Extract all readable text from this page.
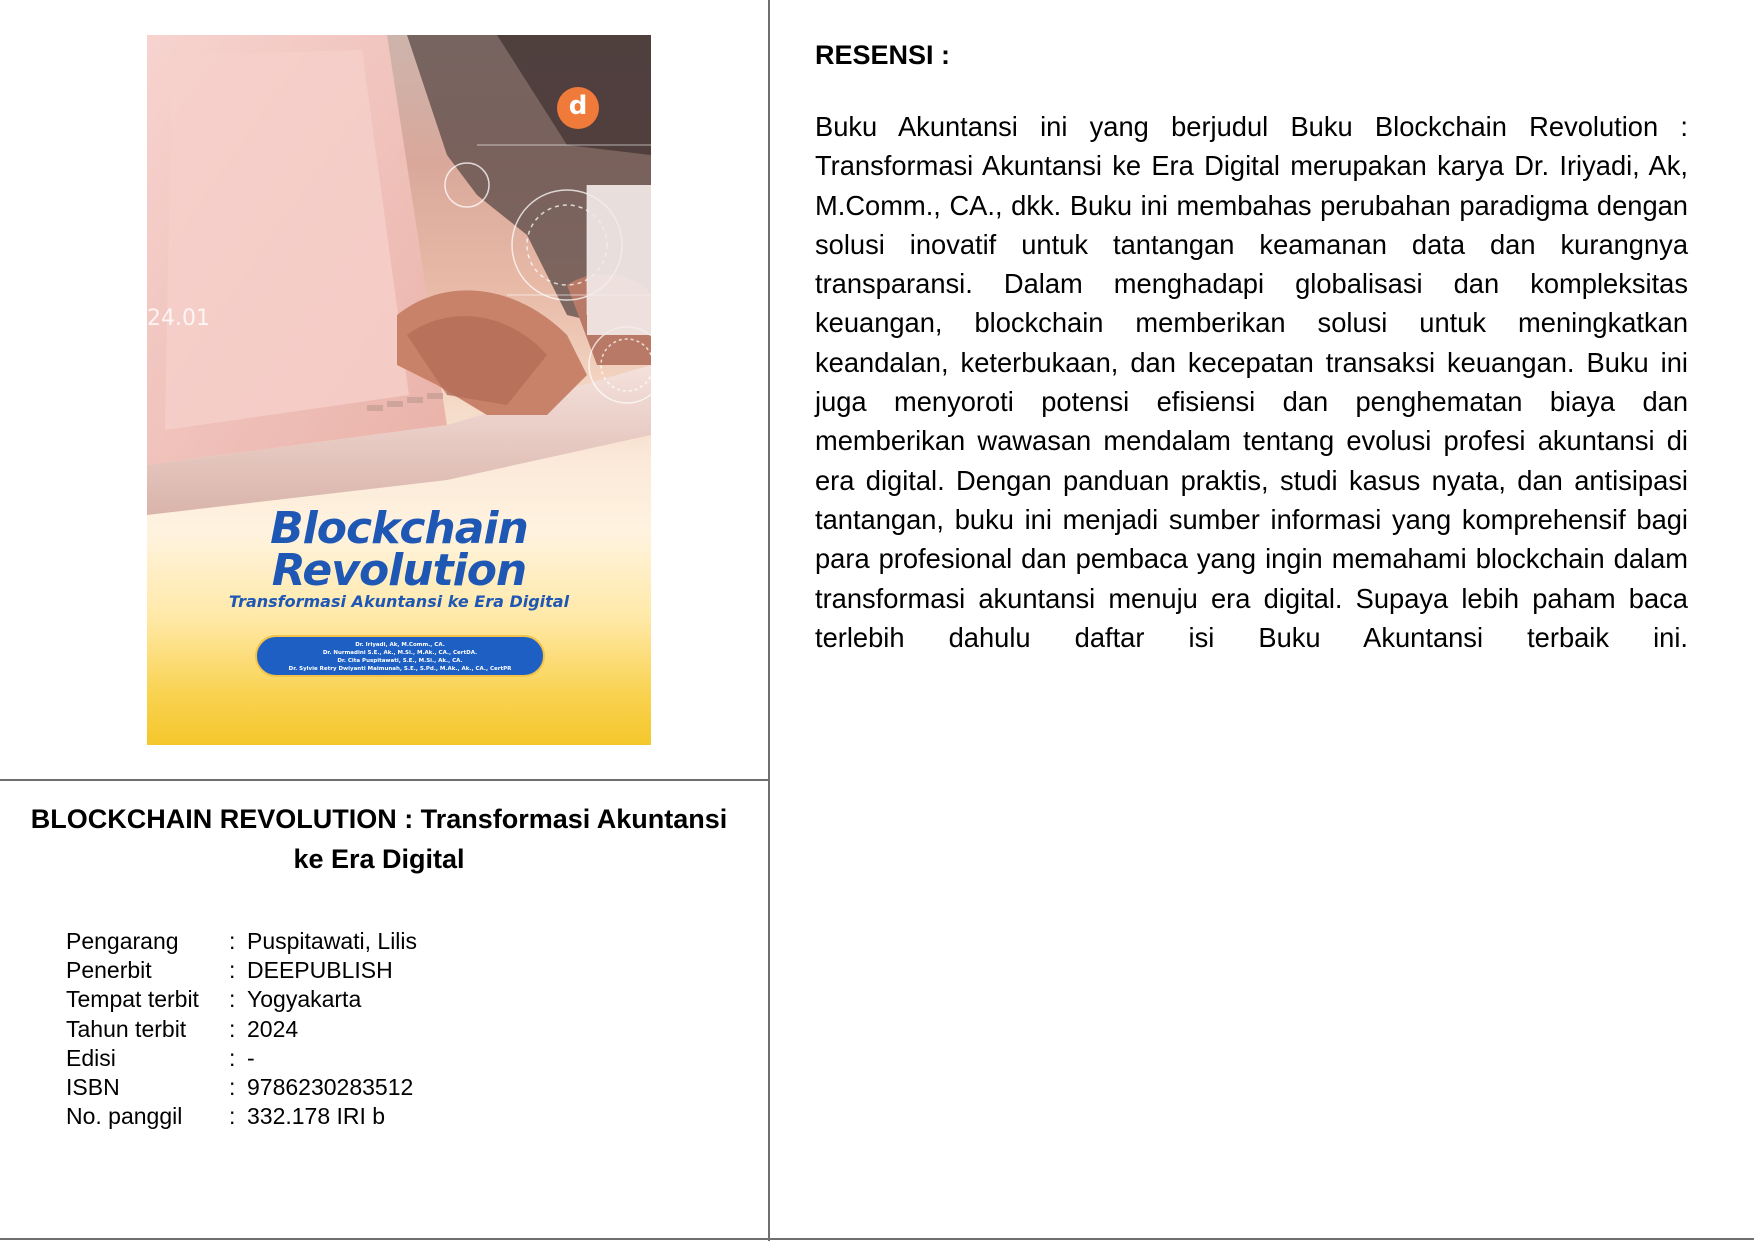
24.01
d
Blockchain
Revolution
Transformasi Akuntansi ke Era Digital
Dr. Iriyadi, Ak, M.Comm., CA.
Dr. Nurmadini S.E., Ak., M.Si., M.Ak., CA., CertDA.
Dr. Cita Puspitawati, S.E., M.Si., Ak., CA.
Dr. Sylvie Retry Dwiyanti Maimunah, S.E., S.Pd., M.Ak., Ak., CA., CertPR
BLOCKCHAIN REVOLUTION : Transformasi Akuntansi ke Era Digital
Pengarang	:	Puspitawati, Lilis
Penerbit	:	DEEPUBLISH
Tempat terbit	:	Yogyakarta
Tahun terbit	:	2024
Edisi	:	-
ISBN	:	9786230283512
No. panggil	:	332.178 IRI b
RESENSI :
Buku Akuntansi ini yang berjudul Buku Blockchain Revolution : Transformasi Akuntansi ke Era Digital merupakan karya Dr. Iriyadi, Ak, M.Comm., CA., dkk. Buku ini membahas perubahan paradigma dengan solusi inovatif untuk tantangan keamanan data dan kurangnya transparansi. Dalam menghadapi globalisasi dan kompleksitas keuangan, blockchain memberikan solusi untuk meningkatkan keandalan, keterbukaan, dan kecepatan transaksi keuangan. Buku ini juga menyoroti potensi efisiensi dan penghematan biaya dan memberikan wawasan mendalam tentang evolusi profesi akuntansi di era digital. Dengan panduan praktis, studi kasus nyata, dan antisipasi tantangan, buku ini menjadi sumber informasi yang komprehensif bagi para profesional dan pembaca yang ingin memahami blockchain dalam transformasi akuntansi menuju era digital. Supaya lebih paham baca terlebih dahulu daftar isi Buku Akuntansi terbaik ini.
